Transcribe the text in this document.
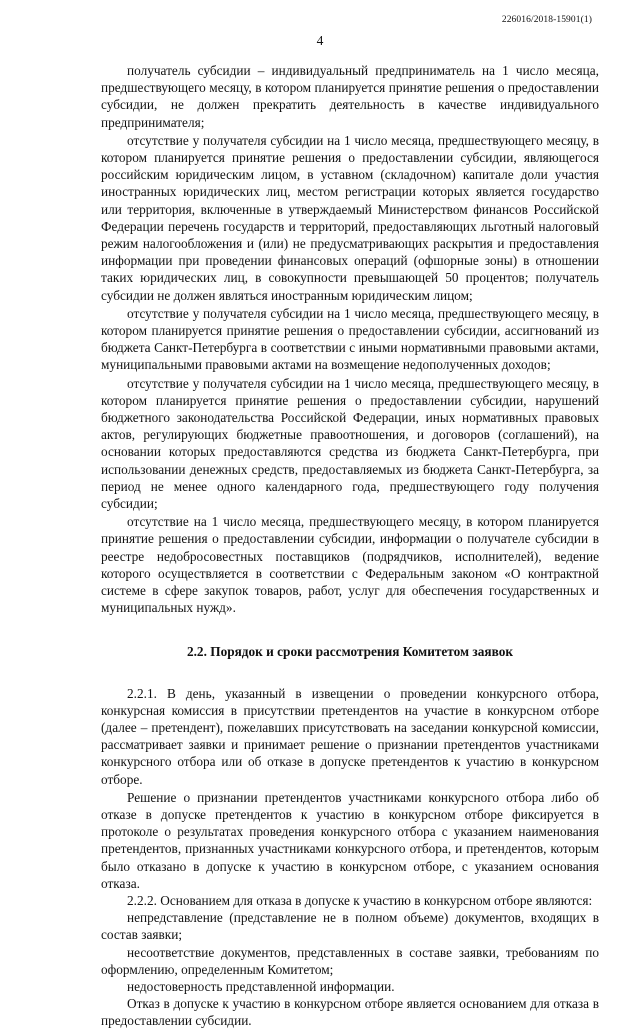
226016/2018-15901(1)
4

получатель субсидии – индивидуальный предприниматель на 1 число месяца, предшествующего месяцу, в котором планируется принятие решения о предоставлении субсидии, не должен прекратить деятельность в качестве индивидуального предпринимателя;

отсутствие у получателя субсидии на 1 число месяца, предшествующего месяцу, в котором планируется принятие решения о предоставлении субсидии, являющегося российским юридическим лицом, в уставном (складочном) капитале доли участия иностранных юридических лиц, местом регистрации которых является государство или территория, включенные в утверждаемый Министерством финансов Российской Федерации перечень государств и территорий, предоставляющих льготный налоговый режим налогообложения и (или) не предусматривающих раскрытия и предоставления информации при проведении финансовых операций (офшорные зоны) в отношении таких юридических лиц, в совокупности превышающей 50 процентов; получатель субсидии не должен являться иностранным юридическим лицом;

отсутствие у получателя субсидии на 1 число месяца, предшествующего месяцу, в котором планируется принятие решения о предоставлении субсидии, ассигнований из бюджета Санкт-Петербурга в соответствии с иными нормативными правовыми актами, муниципальными правовыми актами на возмещение недополученных доходов;

отсутствие у получателя субсидии на 1 число месяца, предшествующего месяцу, в котором планируется принятие решения о предоставлении субсидии, нарушений бюджетного законодательства Российской Федерации, иных нормативных правовых актов, регулирующих бюджетные правоотношения, и договоров (соглашений), на основании которых предоставляются средства из бюджета Санкт-Петербурга, при использовании денежных средств, предоставляемых из бюджета Санкт-Петербурга, за период не менее одного календарного года, предшествующего году получения субсидии;

отсутствие на 1 число месяца, предшествующего месяцу, в котором планируется принятие решения о предоставлении субсидии, информации о получателе субсидии в реестре недобросовестных поставщиков (подрядчиков, исполнителей), ведение которого осуществляется в соответствии с Федеральным законом «О контрактной системе в сфере закупок товаров, работ, услуг для обеспечения государственных и муниципальных нужд».

2.2. Порядок и сроки рассмотрения Комитетом заявок

2.2.1. В день, указанный в извещении о проведении конкурсного отбора, конкурсная комиссия в присутствии претендентов на участие в конкурсном отборе (далее – претендент), пожелавших присутствовать на заседании конкурсной комиссии, рассматривает заявки и принимает решение о признании претендентов участниками конкурсного отбора или об отказе в допуске претендентов к участию в конкурсном отборе.

Решение о признании претендентов участниками конкурсного отбора либо об отказе в допуске претендентов к участию в конкурсном отборе фиксируется в протоколе о результатах проведения конкурсного отбора с указанием наименования претендентов, признанных участниками конкурсного отбора, и претендентов, которым было отказано в допуске к участию в конкурсном отборе, с указанием основания отказа.

2.2.2. Основанием для отказа в допуске к участию в конкурсном отборе являются:

непредставление (представление не в полном объеме) документов, входящих в состав заявки;

несоответствие документов, представленных в составе заявки, требованиям по оформлению, определенным Комитетом;

недостоверность представленной информации.

Отказ в допуске к участию в конкурсном отборе является основанием для отказа в предоставлении субсидии.
